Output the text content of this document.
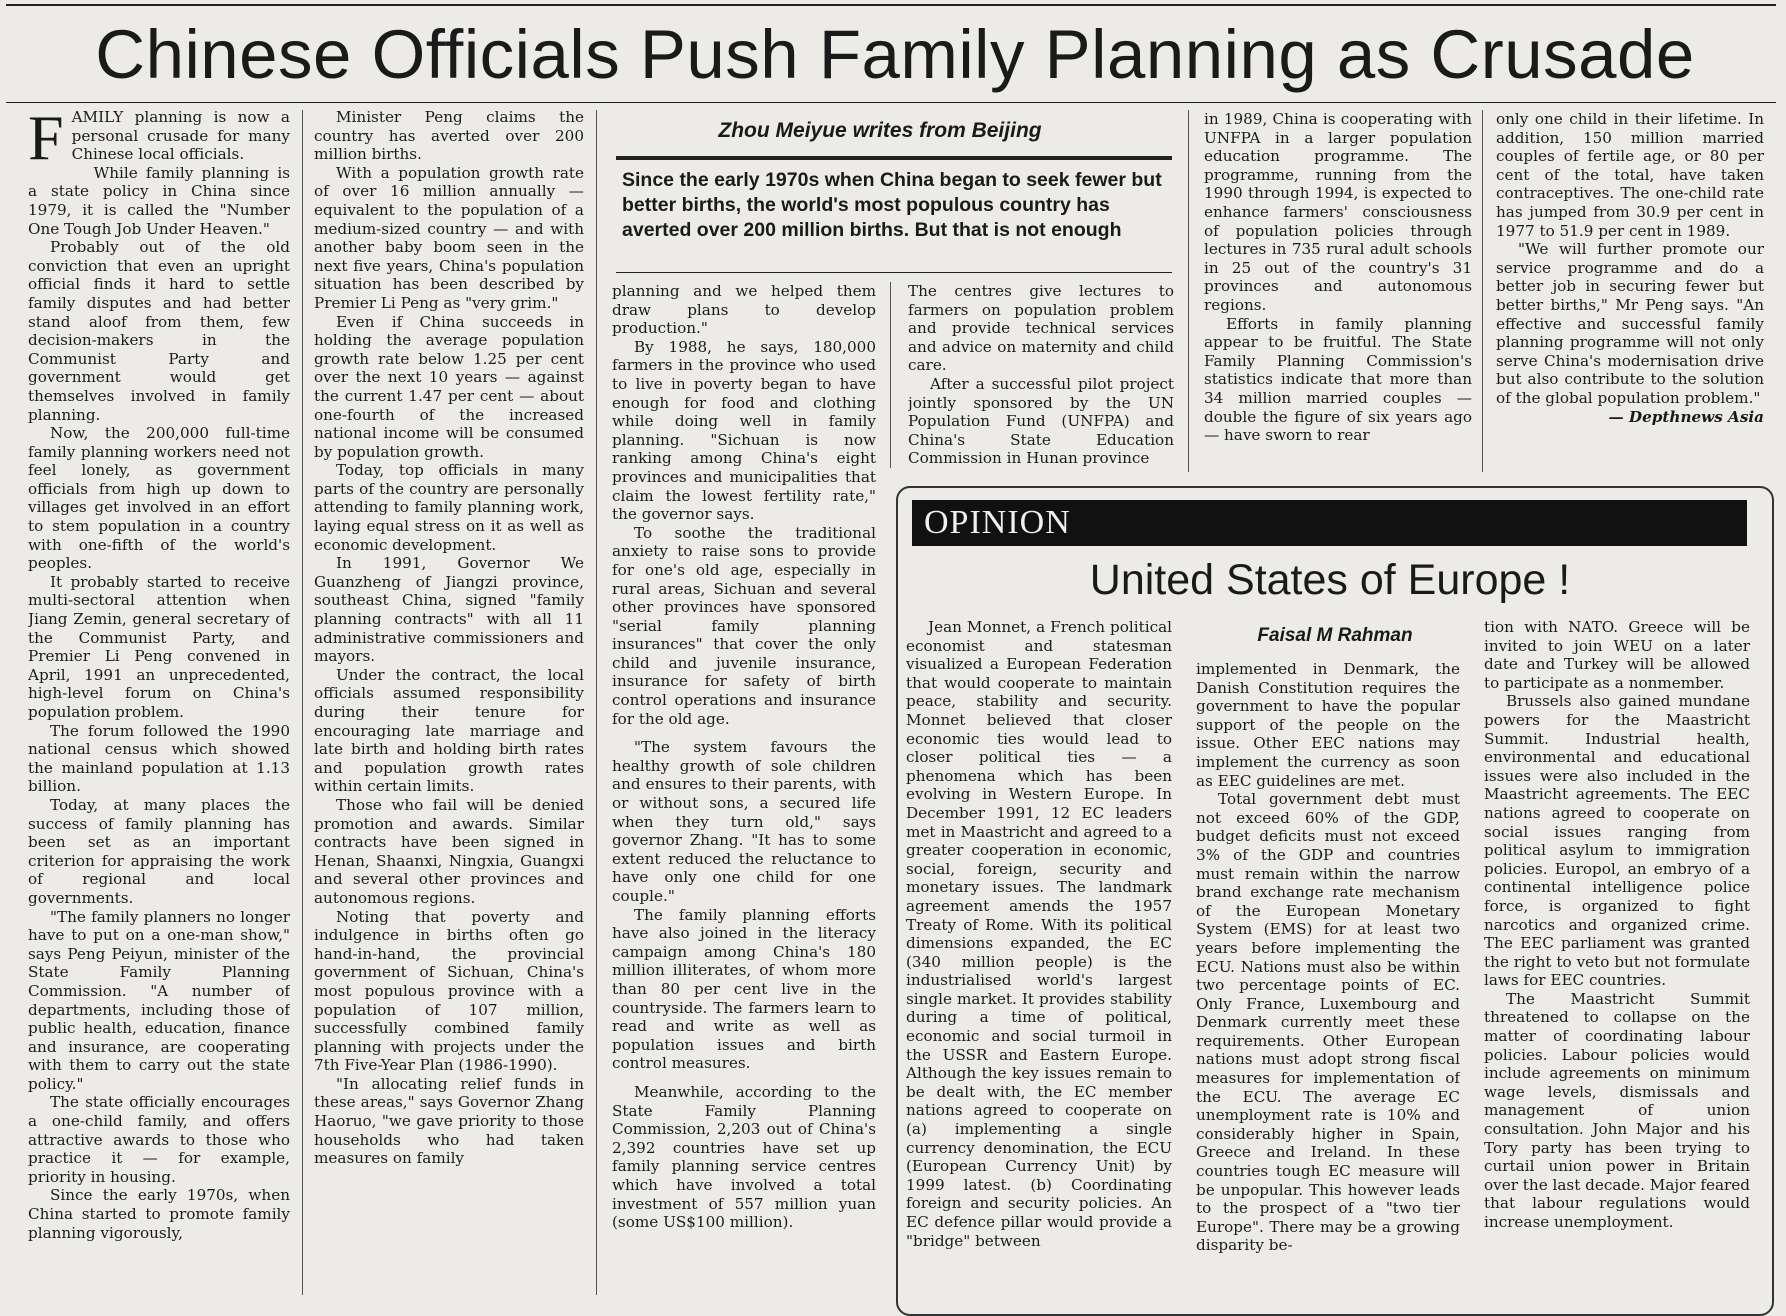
Chinese Officials Push Family Planning as Crusade

FAMILY planning is now a personal crusade for many Chinese local officials.

While family planning is a state policy in China since 1979, it is called the "Number One Tough Job Under Heaven."

Probably out of the old conviction that even an upright official finds it hard to settle family disputes and had better stand aloof from them, few decision-makers in the Communist Party and government would get themselves involved in family planning.

Now, the 200,000 full-time family planning workers need not feel lonely, as government officials from high up down to villages get involved in an effort to stem population in a country with one-fifth of the world's peoples.

It probably started to receive multi-sectoral attention when Jiang Zemin, general secretary of the Communist Party, and Premier Li Peng convened in April, 1991 an unprecedented, high-level forum on China's population problem.

The forum followed the 1990 national census which showed the mainland population at 1.13 billion.

Today, at many places the success of family planning has been set as an important criterion for appraising the work of regional and local governments.

"The family planners no longer have to put on a one-man show," says Peng Peiyun, minister of the State Family Planning Commission. "A number of departments, including those of public health, education, finance and insurance, are cooperating with them to carry out the state policy."

The state officially encourages a one-child family, and offers attractive awards to those who practice it — for example, priority in housing.

Since the early 1970s, when China started to promote family planning vigorously,

Minister Peng claims the country has averted over 200 million births.

With a population growth rate of over 16 million annually — equivalent to the population of a medium-sized country — and with another baby boom seen in the next five years, China's population situation has been described by Premier Li Peng as "very grim."

Even if China succeeds in holding the average population growth rate below 1.25 per cent over the next 10 years — against the current 1.47 per cent — about one-fourth of the increased national income will be consumed by population growth.

Today, top officials in many parts of the country are personally attending to family planning work, laying equal stress on it as well as economic development.

In 1991, Governor We Guanzheng of Jiangzi province, southeast China, signed "family planning contracts" with all 11 administrative commissioners and mayors.

Under the contract, the local officials assumed responsibility during their tenure for encouraging late marriage and late birth and holding birth rates and population growth rates within certain limits.

Those who fail will be denied promotion and awards. Similar contracts have been signed in Henan, Shaanxi, Ningxia, Guangxi and several other provinces and autonomous regions.

Noting that poverty and indulgence in births often go hand-in-hand, the provincial government of Sichuan, China's most populous province with a population of 107 million, successfully combined family planning with projects under the 7th Five-Year Plan (1986-1990).

"In allocating relief funds in these areas," says Governor Zhang Haoruo, "we gave priority to those households who had taken measures on family

Zhou Meiyue writes from Beijing
Since the early 1970s when China began to seek fewer but better births, the world's most populous country has averted over 200 million births. But that is not enough

planning and we helped them draw plans to develop production."

By 1988, he says, 180,000 farmers in the province who used to live in poverty began to have enough for food and clothing while doing well in family planning. "Sichuan is now ranking among China's eight provinces and municipalities that claim the lowest fertility rate," the governor says.

To soothe the traditional anxiety to raise sons to provide for one's old age, especially in rural areas, Sichuan and several other provinces have sponsored "serial family planning insurances" that cover the only child and juvenile insurance, insurance for safety of birth control operations and insurance for the old age.

"The system favours the healthy growth of sole children and ensures to their parents, with or without sons, a secured life when they turn old," says governor Zhang. "It has to some extent reduced the reluctance to have only one child for one couple."

The family planning efforts have also joined in the literacy campaign among China's 180 million illiterates, of whom more than 80 per cent live in the countryside. The farmers learn to read and write as well as population issues and birth control measures.

Meanwhile, according to the State Family Planning Commission, 2,203 out of China's 2,392 countries have set up family planning service centres which have involved a total investment of 557 million yuan (some US$100 million).

The centres give lectures to farmers on population problem and provide technical services and advice on maternity and child care.

After a successful pilot project jointly sponsored by the UN Population Fund (UNFPA) and China's State Education Commission in Hunan province

in 1989, China is cooperating with UNFPA in a larger population education programme. The programme, running from the 1990 through 1994, is expected to enhance farmers' consciousness of population policies through lectures in 735 rural adult schools in 25 out of the country's 31 provinces and autonomous regions.

Efforts in family planning appear to be fruitful. The State Family Planning Commission's statistics indicate that more than 34 million married couples — double the figure of six years ago — have sworn to rear

only one child in their lifetime. In addition, 150 million married couples of fertile age, or 80 per cent of the total, have taken contraceptives. The one-child rate has jumped from 30.9 per cent in 1977 to 51.9 per cent in 1989.

"We will further promote our service programme and do a better job in securing fewer but better births," Mr Peng says. "An effective and successful family planning programme will not only serve China's modernisation drive but also contribute to the solution of the global population problem."

— Depthnews Asia

OPINION
United States of Europe !
Faisal M Rahman

Jean Monnet, a French political economist and statesman visualized a European Federation that would cooperate to maintain peace, stability and security. Monnet believed that closer economic ties would lead to closer political ties — a phenomena which has been evolving in Western Europe. In December 1991, 12 EC leaders met in Maastricht and agreed to a greater cooperation in economic, social, foreign, security and monetary issues. The landmark agreement amends the 1957 Treaty of Rome. With its political dimensions expanded, the EC (340 million people) is the industrialised world's largest single market. It provides stability during a time of political, economic and social turmoil in the USSR and Eastern Europe. Although the key issues remain to be dealt with, the EC member nations agreed to cooperate on (a) implementing a single currency denomination, the ECU (European Currency Unit) by 1999 latest. (b) Coordinating foreign and security policies. An EC defence pillar would provide a "bridge" between

implemented in Denmark, the Danish Constitution requires the government to have the popular support of the people on the issue. Other EEC nations may implement the currency as soon as EEC guidelines are met.

Total government debt must not exceed 60% of the GDP, budget deficits must not exceed 3% of the GDP and countries must remain within the narrow brand exchange rate mechanism of the European Monetary System (EMS) for at least two years before implementing the ECU. Nations must also be within two percentage points of EC. Only France, Luxembourg and Denmark currently meet these requirements. Other European nations must adopt strong fiscal measures for implementation of the ECU. The average EC unemployment rate is 10% and considerably higher in Spain, Greece and Ireland. In these countries tough EC measure will be unpopular. This however leads to the prospect of a "two tier Europe". There may be a growing disparity be-

tion with NATO. Greece will be invited to join WEU on a later date and Turkey will be allowed to participate as a nonmember.

Brussels also gained mundane powers for the Maastricht Summit. Industrial health, environmental and educational issues were also included in the Maastricht agreements. The EEC nations agreed to cooperate on social issues ranging from political asylum to immigration policies. Europol, an embryo of a continental intelligence police force, is organized to fight narcotics and organized crime. The EEC parliament was granted the right to veto but not formulate laws for EEC countries.

The Maastricht Summit threatened to collapse on the matter of coordinating labour policies. Labour policies would include agreements on minimum wage levels, dismissals and management of union consultation. John Major and his Tory party has been trying to curtail union power in Britain over the last decade. Major feared that labour regulations would increase unemployment.
